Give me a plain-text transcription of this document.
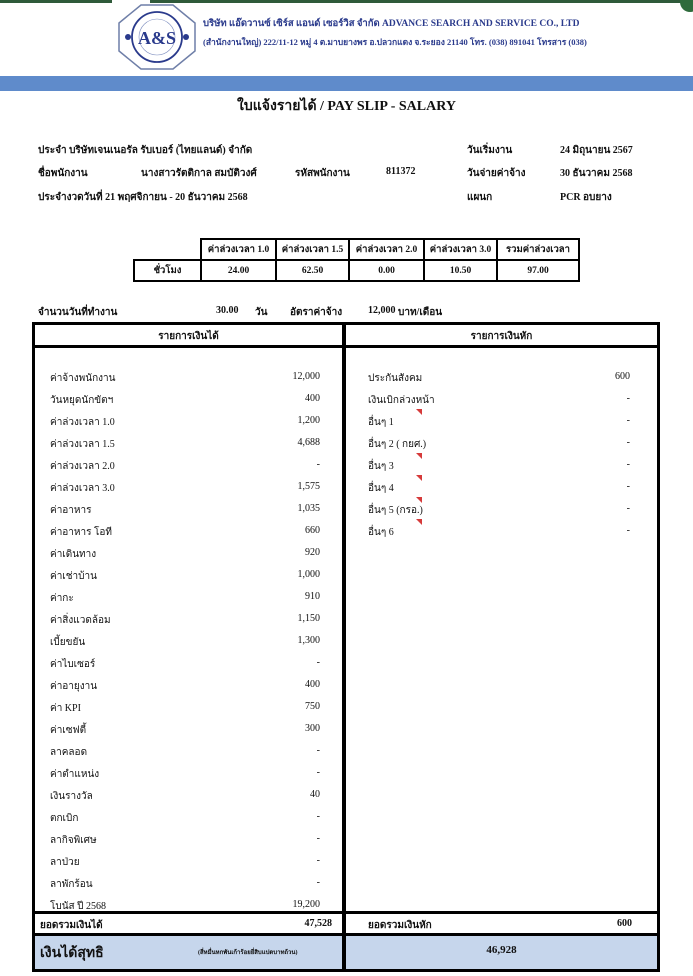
A&S
บริษัท แอ๊ดวานซ์ เซิร์ส แอนด์ เซอร์วิส จำกัด ADVANCE SEARCH AND SERVICE CO., LTD
(สำนักงานใหญ่) 222/11-12 หมู่ 4 ต.มาบยางพร อ.ปลวกแดง จ.ระยอง 21140 โทร. (038) 891041 โทรสาร (038)
ใบแจ้งรายได้ / PAY SLIP - SALARY
ประจำ บริษัทเจนเนอรัล รับเบอร์ (ไทยแลนด์) จำกัด
ชื่อพนักงาน	นางสาวรัตติกาล สมบัติวงศ์	รหัสพนักงาน	811372
ประจำงวดวันที่ 21 พฤศจิกายน - 20 ธันวาคม 2568
วันเริ่มงาน	24 มิถุนายน 2567
วันจ่ายค่าจ้าง	30 ธันวาคม 2568
แผนก	PCR อบยาง
	ค่าล่วงเวลา 1.0	ค่าล่วงเวลา 1.5	ค่าล่วงเวลา 2.0	ค่าล่วงเวลา 3.0	รวมค่าล่วงเวลา
ชั่วโมง	24.00	62.50	0.00	10.50	97.00
จำนวนวันที่ทำงาน	30.00 วัน อัตราค่าจ้าง	12,000 บาท/เดือน
รายการเงินได้	รายการเงินหัก
ค่าจ้างพนักงาน	12,000
วันหยุดนักขัตฯ	400
ค่าล่วงเวลา 1.0	1,200
ค่าล่วงเวลา 1.5	4,688
ค่าล่วงเวลา 2.0	-
ค่าล่วงเวลา 3.0	1,575
ค่าอาหาร	1,035
ค่าอาหาร โอที	660
ค่าเดินทาง	920
ค่าเช่าบ้าน	1,000
ค่ากะ	910
ค่าสิ่งแวดล้อม	1,150
เบี้ยขยัน	1,300
ค่าไบเซอร์	-
ค่าอายุงาน	400
ค่า KPI	750
ค่าเซฟตี้	300
ลาคลอด	-
ค่าตำแหน่ง	-
เงินรางวัล	40
ตกเบิก	-
ลากิจพิเศษ	-
ลาป่วย	-
ลาพักร้อน	-
โบนัส ปี 2568	19,200
ประกันสังคม	600
เงินเบิกล่วงหน้า	-
อื่นๆ 1	-
อื่นๆ 2 ( กยศ.)	-
อื่นๆ 3	-
อื่นๆ 4	-
อื่นๆ 5 (กรอ.)	-
อื่นๆ 6	-
ยอดรวมเงินได้	47,528	ยอดรวมเงินหัก	600
เงินได้สุทธิ	(สี่หมื่นหกพันเก้าร้อยยี่สิบแปดบาทถ้วน)	46,928
